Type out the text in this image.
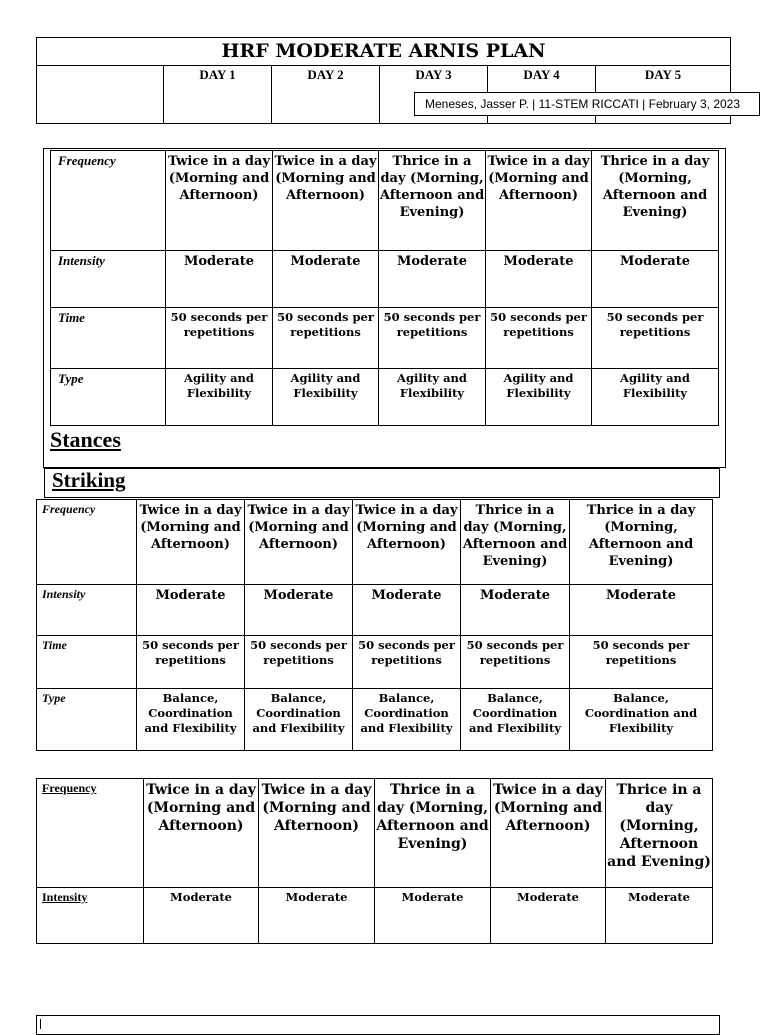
HRF MODERATE ARNIS PLAN
	DAY 1	DAY 2	DAY 3	DAY 4	DAY 5
Meneses, Jasser P. | 11-STEM RICCATI | February 3, 2023
Frequency	Twice in a day (Morning and Afternoon)	Twice in a day (Morning and Afternoon)	Thrice in a day (Morning, Afternoon and Evening)	Twice in a day (Morning and Afternoon)	Thrice in a day (Morning, Afternoon and Evening)
Intensity	Moderate	Moderate	Moderate	Moderate	Moderate
Time	50 seconds per repetitions	50 seconds per repetitions	50 seconds per repetitions	50 seconds per repetitions	50 seconds per repetitions
Type	Agility and Flexibility	Agility and Flexibility	Agility and Flexibility	Agility and Flexibility	Agility and Flexibility
Stances
Striking
Frequency	Twice in a day (Morning and Afternoon)	Twice in a day (Morning and Afternoon)	Twice in a day (Morning and Afternoon)	Thrice in a day (Morning, Afternoon and Evening)	Thrice in a day (Morning, Afternoon and Evening)
Intensity	Moderate	Moderate	Moderate	Moderate	Moderate
Time	50 seconds per repetitions	50 seconds per repetitions	50 seconds per repetitions	50 seconds per repetitions	50 seconds per repetitions
Type	Balance, Coordination and Flexibility	Balance, Coordination and Flexibility	Balance, Coordination and Flexibility	Balance, Coordination and Flexibility	Balance, Coordination and Flexibility
Frequency	Twice in a day (Morning and Afternoon)	Twice in a day (Morning and Afternoon)	Thrice in a day (Morning, Afternoon and Evening)	Twice in a day (Morning and Afternoon)	Thrice in a day (Morning, Afternoon and Evening)
Intensity	Moderate	Moderate	Moderate	Moderate	Moderate
